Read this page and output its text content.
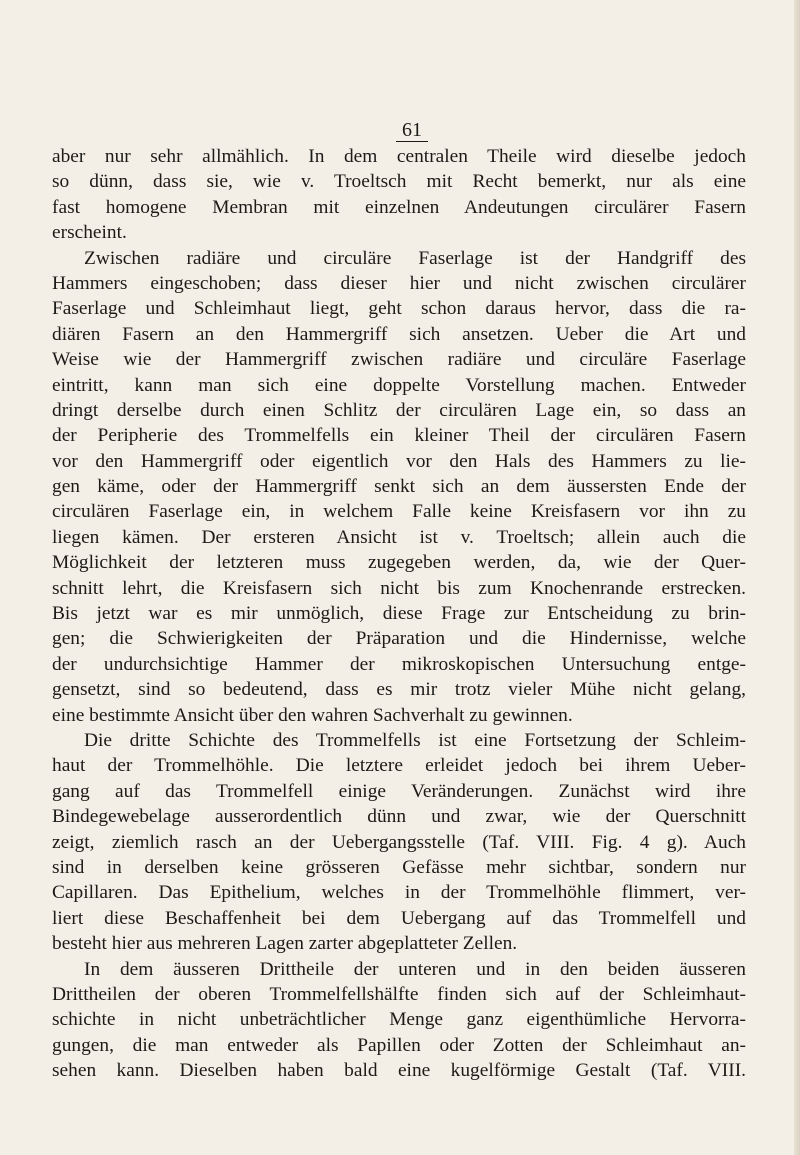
61
aber nur sehr allmählich. In dem centralen Theile wird dieselbe jedoch
so dünn, dass sie, wie v. Troeltsch mit Recht bemerkt, nur als eine
fast homogene Membran mit einzelnen Andeutungen circulärer Fasern
erscheint.
Zwischen radiäre und circuläre Faserlage ist der Handgriff des
Hammers eingeschoben; dass dieser hier und nicht zwischen circulärer
Faserlage und Schleimhaut liegt, geht schon daraus hervor, dass die ra-
diären Fasern an den Hammergriff sich ansetzen. Ueber die Art und
Weise wie der Hammergriff zwischen radiäre und circuläre Faserlage
eintritt, kann man sich eine doppelte Vorstellung machen. Entweder
dringt derselbe durch einen Schlitz der circulären Lage ein, so dass an
der Peripherie des Trommelfells ein kleiner Theil der circulären Fasern
vor den Hammergriff oder eigentlich vor den Hals des Hammers zu lie-
gen käme, oder der Hammergriff senkt sich an dem äussersten Ende der
circulären Faserlage ein, in welchem Falle keine Kreisfasern vor ihn zu
liegen kämen. Der ersteren Ansicht ist v. Troeltsch; allein auch die
Möglichkeit der letzteren muss zugegeben werden, da, wie der Quer-
schnitt lehrt, die Kreisfasern sich nicht bis zum Knochenrande erstrecken.
Bis jetzt war es mir unmöglich, diese Frage zur Entscheidung zu brin-
gen; die Schwierigkeiten der Präparation und die Hindernisse, welche
der undurchsichtige Hammer der mikroskopischen Untersuchung entge-
gensetzt, sind so bedeutend, dass es mir trotz vieler Mühe nicht gelang,
eine bestimmte Ansicht über den wahren Sachverhalt zu gewinnen.
Die dritte Schichte des Trommelfells ist eine Fortsetzung der Schleim-
haut der Trommelhöhle. Die letztere erleidet jedoch bei ihrem Ueber-
gang auf das Trommelfell einige Veränderungen. Zunächst wird ihre
Bindegewebelage ausserordentlich dünn und zwar, wie der Querschnitt
zeigt, ziemlich rasch an der Uebergangsstelle (Taf. VIII. Fig. 4 g). Auch
sind in derselben keine grösseren Gefässe mehr sichtbar, sondern nur
Capillaren. Das Epithelium, welches in der Trommelhöhle flimmert, ver-
liert diese Beschaffenheit bei dem Uebergang auf das Trommelfell und
besteht hier aus mehreren Lagen zarter abgeplatteter Zellen.
In dem äusseren Drittheile der unteren und in den beiden äusseren
Drittheilen der oberen Trommelfellshälfte finden sich auf der Schleimhaut-
schichte in nicht unbeträchtlicher Menge ganz eigenthümliche Hervorra-
gungen, die man entweder als Papillen oder Zotten der Schleimhaut an-
sehen kann. Dieselben haben bald eine kugelförmige Gestalt (Taf. VIII.
